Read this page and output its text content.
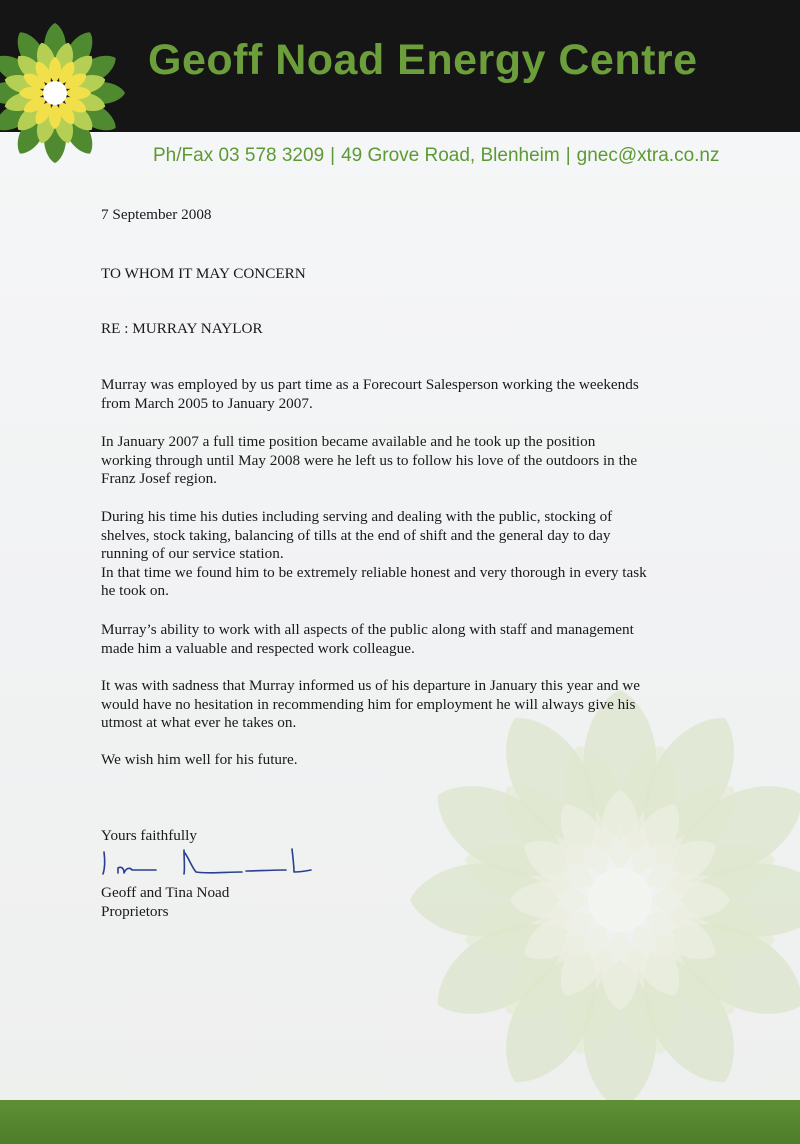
Geoff Noad Energy Centre
Ph/Fax 03 578 3209 | 49 Grove Road, Blenheim | gnec@xtra.co.nz
7 September 2008
TO WHOM IT MAY CONCERN
RE : MURRAY NAYLOR
Murray was employed by us part time as a Forecourt Salesperson working the weekends
from March 2005 to January 2007.
In January 2007 a full time position became available and he took up the position
working through until May 2008 were he left us to follow his love of the outdoors in the
Franz Josef region.
During his time his duties including serving and dealing with the public, stocking of
shelves, stock taking, balancing of tills at the end of shift and the general day to day
running of our service station.
In that time we found him to be extremely reliable honest and very thorough in every task
he took on.
Murray’s ability to work with all aspects of the public along with staff and management
made him a valuable and respected work colleague.
It was with sadness that Murray informed us of his departure in January this year and we
would have no hesitation in recommending him for employment he will always give his
utmost at what ever he takes on.
We wish him well for his future.
Yours faithfully
Geoff and Tina Noad
Proprietors
